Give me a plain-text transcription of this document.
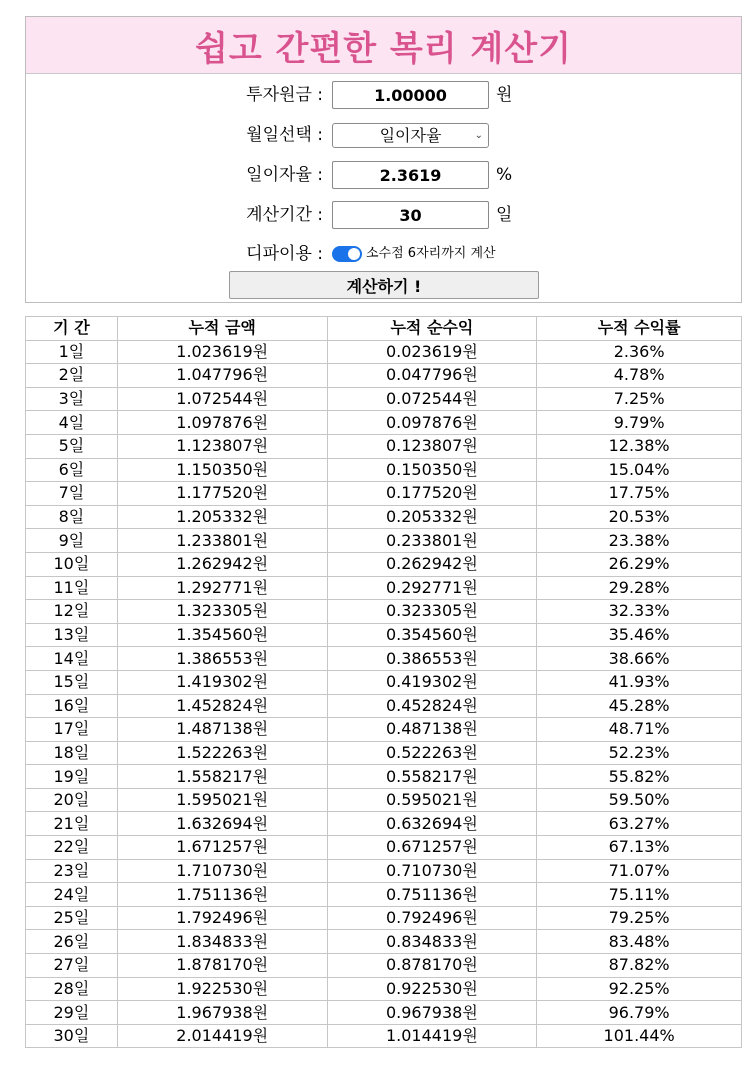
쉽고 간편한 복리 계산기
투자원금 :
1.00000	원
월일선택 :	일이자율	⌄
일이자율 :
2.3619	%
계산기간 :
30	일
디파이용 :	소수점 6자리까지 계산
계산하기 !
기 간	누적 금액	누적 순수익	누적 수익률
1일	1.023619원	0.023619원	2.36%
2일	1.047796원	0.047796원	4.78%
3일	1.072544원	0.072544원	7.25%
4일	1.097876원	0.097876원	9.79%
5일	1.123807원	0.123807원	12.38%
6일	1.150350원	0.150350원	15.04%
7일	1.177520원	0.177520원	17.75%
8일	1.205332원	0.205332원	20.53%
9일	1.233801원	0.233801원	23.38%
10일	1.262942원	0.262942원	26.29%
11일	1.292771원	0.292771원	29.28%
12일	1.323305원	0.323305원	32.33%
13일	1.354560원	0.354560원	35.46%
14일	1.386553원	0.386553원	38.66%
15일	1.419302원	0.419302원	41.93%
16일	1.452824원	0.452824원	45.28%
17일	1.487138원	0.487138원	48.71%
18일	1.522263원	0.522263원	52.23%
19일	1.558217원	0.558217원	55.82%
20일	1.595021원	0.595021원	59.50%
21일	1.632694원	0.632694원	63.27%
22일	1.671257원	0.671257원	67.13%
23일	1.710730원	0.710730원	71.07%
24일	1.751136원	0.751136원	75.11%
25일	1.792496원	0.792496원	79.25%
26일	1.834833원	0.834833원	83.48%
27일	1.878170원	0.878170원	87.82%
28일	1.922530원	0.922530원	92.25%
29일	1.967938원	0.967938원	96.79%
30일	2.014419원	1.014419원	101.44%
